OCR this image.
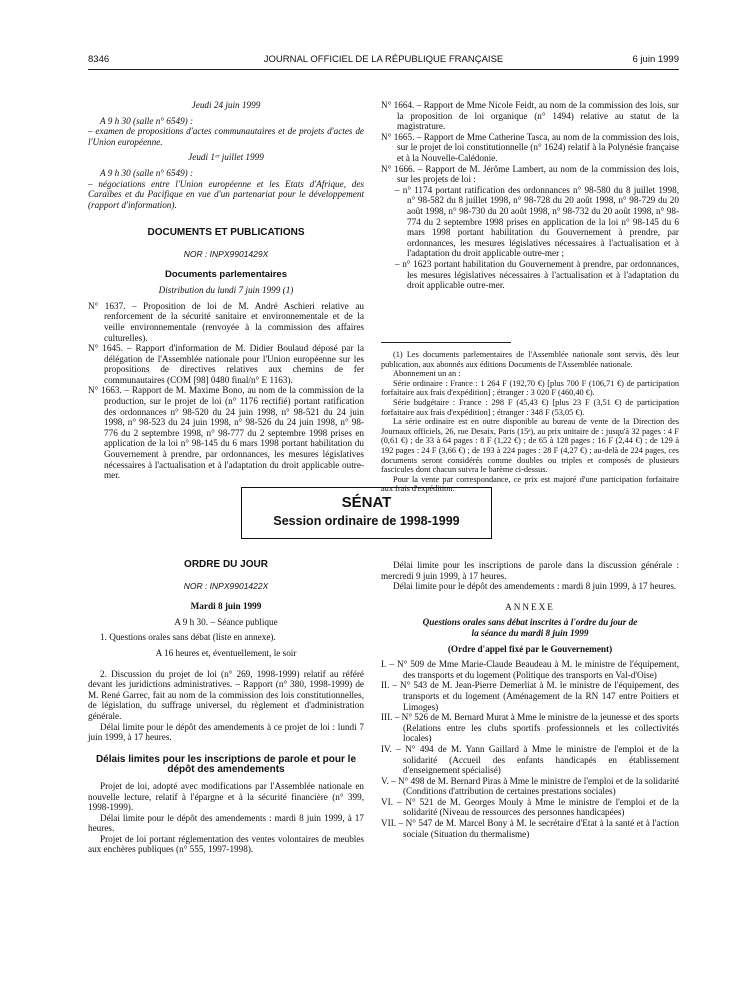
8346	JOURNAL OFFICIEL DE LA RÉPUBLIQUE FRANÇAISE	6 juin 1999

Jeudi 24 juin 1999

A 9 h 30 (salle n° 6549) :

– examen de propositions d'actes communautaires et de projets d'actes de l'Union européenne.

Jeudi 1ᵉʳ juillet 1999

A 9 h 30 (salle n° 6549) :

– négociations entre l'Union européenne et les Etats d'Afrique, des Caraïbes et du Pacifique en vue d'un partenariat pour le développement (rapport d'information).

DOCUMENTS ET PUBLICATIONS

NOR : INPX9901429X

Documents parlementaires

Distribution du lundi 7 juin 1999 (1)

N° 1637. – Proposition de loi de M. André Aschieri relative au renforcement de la sécurité sanitaire et environnementale et de la veille environnementale (renvoyée à la commission des affaires culturelles).

N° 1645. – Rapport d'information de M. Didier Boulaud déposé par la délégation de l'Assemblée nationale pour l'Union européenne sur les propositions de directives relatives aux chemins de fer communautaires (COM [98] 0480 final/n° E 1163).

N° 1663. – Rapport de M. Maxime Bono, au nom de la commission de la production, sur le projet de loi (n° 1176 rectifié) portant ratification des ordonnances n° 98-520 du 24 juin 1998, n° 98-521 du 24 juin 1998, n° 98-523 du 24 juin 1998, n° 98-526 du 24 juin 1998, n° 98-776 du 2 septembre 1998, n° 98-777 du 2 septembre 1998 prises en application de la loi n° 98-145 du 6 mars 1998 portant habilitation du Gouvernement à prendre, par ordonnances, les mesures législatives nécessaires à l'actualisation et à l'adaptation du droit applicable outre-mer.

N° 1664. – Rapport de Mme Nicole Feidt, au nom de la commission des lois, sur la proposition de loi organique (n° 1494) relative au statut de la magistrature.

N° 1665. – Rapport de Mme Catherine Tasca, au nom de la commission des lois, sur le projet de loi constitutionnelle (n° 1624) relatif à la Polynésie française et à la Nouvelle-Calédonie.

N° 1666. – Rapport de M. Jérôme Lambert, au nom de la commission des lois, sur les projets de loi :

– n° 1174 portant ratification des ordonnances n° 98-580 du 8 juillet 1998, n° 98-582 du 8 juillet 1998, n° 98-728 du 20 août 1998, n° 98-729 du 20 août 1998, n° 98-730 du 20 août 1998, n° 98-732 du 20 août 1998, n° 98-774 du 2 septembre 1998 prises en application de la loi n° 98-145 du 6 mars 1998 portant habilitation du Gouvernement à prendre, par ordonnances, les mesures législatives nécessaires à l'actualisation et à l'adaptation du droit applicable outre-mer ;

– n° 1623 portant habilitation du Gouvernement à prendre, par ordonnances, les mesures législatives nécessaires à l'actualisation et à l'adaptation du droit applicable outre-mer.

(1) Les documents parlementaires de l'Assemblée nationale sont servis, dès leur publication, aux abonnés aux éditions Documents de l'Assemblée nationale.

Abonnement un an :

Série ordinaire : France : 1 264 F (192,70 €) [plus 700 F (106,71 €) de participation forfaitaire aux frais d'expédition] ; étranger : 3 020 F (460,40 €).

Série budgétaire : France : 298 F (45,43 €) [plus 23 F (3,51 €) de participation forfaitaire aux frais d'expédition] ; étranger : 348 F (53,05 €).

La série ordinaire est en outre disponible au bureau de vente de la Direction des Journaux officiels, 26, rue Desaix, Paris (15ᵉ), au prix unitaire de : jusqu'à 32 pages : 4 F (0,61 €) ; de 33 à 64 pages : 8 F (1,22 €) ; de 65 à 128 pages : 16 F (2,44 €) ; de 129 à 192 pages : 24 F (3,66 €) ; de 193 à 224 pages : 28 F (4,27 €) ; au-delà de 224 pages, ces documents seront considérés comme doubles ou triples et composés de plusieurs fascicules dont chacun suivra le barème ci-dessus.

Pour la vente par correspondance, ce prix est majoré d'une participation forfaitaire aux frais d'expédition.

SÉNAT
Session ordinaire de 1998-1999

ORDRE DU JOUR

NOR : INPX9901422X

Mardi 8 juin 1999

A 9 h 30. – Séance publique

1. Questions orales sans débat (liste en annexe).

A 16 heures et, éventuellement, le soir

2. Discussion du projet de loi (n° 269, 1998-1999) relatif au référé devant les juridictions administratives. – Rapport (n° 380, 1998-1999) de M. René Garrec, fait au nom de la commission des lois constitutionnelles, de législation, du suffrage universel, du règlement et d'administration générale.

Délai limite pour le dépôt des amendements à ce projet de loi : lundi 7 juin 1999, à 17 heures.

Délais limites pour les inscriptions de parole et pour le dépôt des amendements

Projet de loi, adopté avec modifications par l'Assemblée nationale en nouvelle lecture, relatif à l'épargne et à la sécurité financière (n° 399, 1998-1999).

Délai limite pour le dépôt des amendements : mardi 8 juin 1999, à 17 heures.

Projet de loi portant réglementation des ventes volontaires de meubles aux enchères publiques (n° 555, 1997-1998).

Délai limite pour les inscriptions de parole dans la discussion générale : mercredi 9 juin 1999, à 17 heures.

Délai limite pour le dépôt des amendements : mardi 8 juin 1999, à 17 heures.

ANNEXE

Questions orales sans débat inscrites à l'ordre du jour de la séance du mardi 8 juin 1999

(Ordre d'appel fixé par le Gouvernement)

I. – N° 509 de Mme Marie-Claude Beaudeau à M. le ministre de l'équipement, des transports et du logement (Politique des transports en Val-d'Oise)

II. – N° 543 de M. Jean-Pierre Demerliat à M. le ministre de l'équipement, des transports et du logement (Aménagement de la RN 147 entre Poitiers et Limoges)

III. – N° 526 de M. Bernard Murat à Mme le ministre de la jeunesse et des sports (Relations entre les clubs sportifs professionnels et les collectivités locales)

IV. – N° 494 de M. Yann Gaillard à Mme le ministre de l'emploi et de la solidarité (Accueil des enfants handicapés en établissement d'enseignement spécialisé)

V. – N° 498 de M. Bernard Piras à Mme le ministre de l'emploi et de la solidarité (Conditions d'attribution de certaines prestations sociales)

VI. – N° 521 de M. Georges Mouly à Mme le ministre de l'emploi et de la solidarité (Niveau de ressources des personnes handicapées)

VII. – N° 547 de M. Marcel Bony à M. le secrétaire d'Etat à la santé et à l'action sociale (Situation du thermalisme)
